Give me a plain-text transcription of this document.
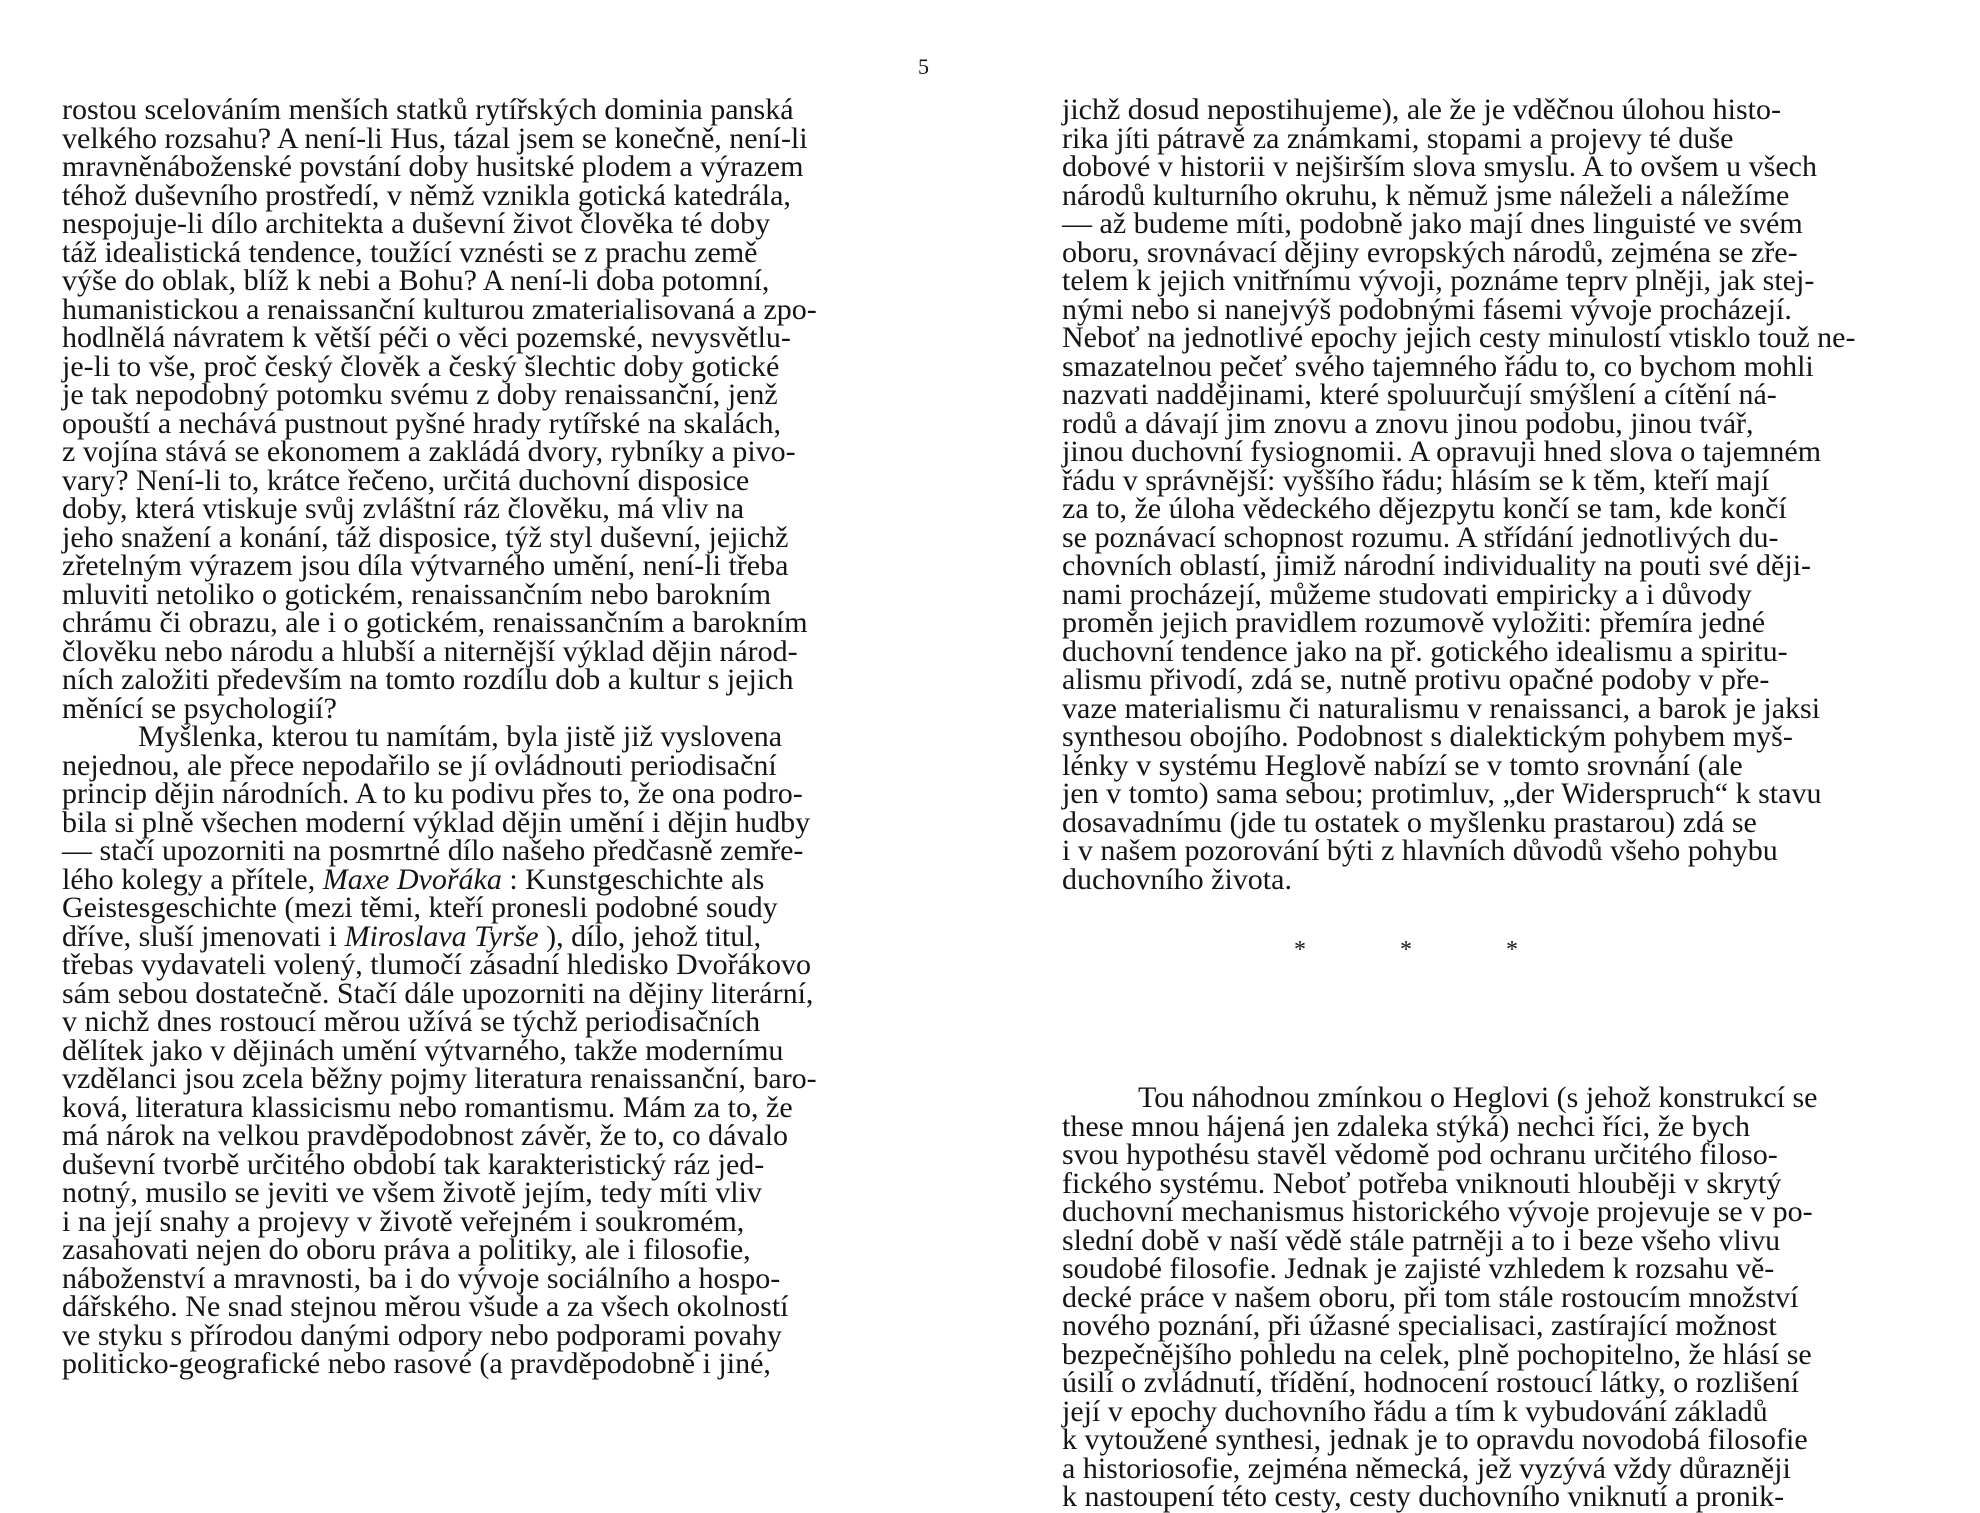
5
rostou scelováním menších statků rytířských dominia panská
velkého rozsahu? A není-li Hus, tázal jsem se konečně, není-li
mravněnáboženské povstání doby husitské plodem a výrazem
téhož duševního prostředí, v němž vznikla gotická katedrála,
nespojuje-li dílo architekta a duševní život člověka té doby
táž idealistická tendence, toužící vznésti se z prachu země
výše do oblak, blíž k nebi a Bohu? A není-li doba potomní,
humanistickou a renaissanční kulturou zmaterialisovaná a zpo-
hodlnělá návratem k větší péči o věci pozemské, nevysvětlu-
je-li to vše, proč český člověk a český šlechtic doby gotické
je tak nepodobný potomku svému z doby renaissanční, jenž
opouští a nechává pustnout pyšné hrady rytířské na skalách,
z vojína stává se ekonomem a zakládá dvory, rybníky a pivo-
vary? Není-li to, krátce řečeno, určitá duchovní disposice
doby, která vtiskuje svůj zvláštní ráz člověku, má vliv na
jeho snažení a konání, táž disposice, týž styl duševní, jejichž
zřetelným výrazem jsou díla výtvarného umění, není-li třeba
mluviti netoliko o gotickém, renaissančním nebo barokním
chrámu či obrazu, ale i o gotickém, renaissančním a barokním
člověku nebo národu a hlubší a niternější výklad dějin národ-
ních založiti především na tomto rozdílu dob a kultur s jejich
měnící se psychologií?
Myšlenka, kterou tu namítám, byla jistě již vyslovena
nejednou, ale přece nepodařilo se jí ovládnouti periodisační
princip dějin národních. A to ku podivu přes to, že ona podro-
bila si plně všechen moderní výklad dějin umění i dějin hudby
— stačí upozorniti na posmrtné dílo našeho předčasně zemře-
lého kolegy a přítele, Maxe Dvořáka : Kunstgeschichte als
Geistesgeschichte (mezi těmi, kteří pronesli podobné soudy
dříve, sluší jmenovati i Miroslava Tyrše ), dílo, jehož titul,
třebas vydavateli volený, tlumočí zásadní hledisko Dvořákovo
sám sebou dostatečně. Stačí dále upozorniti na dějiny literární,
v nichž dnes rostoucí měrou užívá se týchž periodisačních
dělítek jako v dějinách umění výtvarného, takže modernímu
vzdělanci jsou zcela běžny pojmy literatura renaissanční, baro-
ková, literatura klassicismu nebo romantismu. Mám za to, že
má nárok na velkou pravděpodobnost závěr, že to, co dávalo
duševní tvorbě určitého období tak karakteristický ráz jed-
notný, musilo se jeviti ve všem životě jejím, tedy míti vliv
i na její snahy a projevy v životě veřejném i soukromém,
zasahovati nejen do oboru práva a politiky, ale i filosofie,
náboženství a mravnosti, ba i do vývoje sociálního a hospo-
dářského. Ne snad stejnou měrou všude a za všech okolností
ve styku s přírodou danými odpory nebo podporami povahy
politicko-geografické nebo rasové (a pravděpodobně i jiné,
jichž dosud nepostihujeme), ale že je vděčnou úlohou histo-
rika jíti pátravě za známkami, stopami a projevy té duše
dobové v historii v nejširším slova smyslu. A to ovšem u všech
národů kulturního okruhu, k němuž jsme náleželi a náležíme
— až budeme míti, podobně jako mají dnes linguisté ve svém
oboru, srovnávací dějiny evropských národů, zejména se zře-
telem k jejich vnitřnímu vývoji, poznáme teprv plněji, jak stej-
nými nebo si nanejvýš podobnými fásemi vývoje procházejí.
Neboť na jednotlivé epochy jejich cesty minulostí vtisklo touž ne-
smazatelnou pečeť svého tajemného řádu to, co bychom mohli
nazvati naddějinami, které spoluurčují smýšlení a cítění ná-
rodů a dávají jim znovu a znovu jinou podobu, jinou tvář,
jinou duchovní fysiognomii. A opravuji hned slova o tajemném
řádu v správnější: vyššího řádu; hlásím se k těm, kteří mají
za to, že úloha vědeckého dějezpytu končí se tam, kde končí
se poznávací schopnost rozumu. A střídání jednotlivých du-
chovních oblastí, jimiž národní individuality na pouti své ději-
nami procházejí, můžeme studovati empiricky a i důvody
proměn jejich pravidlem rozumově vyložiti: přemíra jedné
duchovní tendence jako na př. gotického idealismu a spiritu-
alismu přivodí, zdá se, nutně protivu opačné podoby v pře-
vaze materialismu či naturalismu v renaissanci, a barok je jaksi
synthesou obojího. Podobnost s dialektickým pohybem myš-
lénky v systému Heglově nabízí se v tomto srovnání (ale
jen v tomto) sama sebou; protimluv, „der Widerspruch“ k stavu
dosavadnímu (jde tu ostatek o myšlenku prastarou) zdá se
i v našem pozorování býti z hlavních důvodů všeho pohybu
duchovního života.
*	*	*
Tou náhodnou zmínkou o Heglovi (s jehož konstrukcí se
these mnou hájená jen zdaleka stýká) nechci říci, že bych
svou hypothésu stavěl vědomě pod ochranu určitého filoso-
fického systému. Neboť potřeba vniknouti hlouběji v skrytý
duchovní mechanismus historického vývoje projevuje se v po-
slední době v naší vědě stále patrněji a to i beze všeho vlivu
soudobé filosofie. Jednak je zajisté vzhledem k rozsahu vě-
decké práce v našem oboru, při tom stále rostoucím množství
nového poznání, při úžasné specialisaci, zastírající možnost
bezpečnějšího pohledu na celek, plně pochopitelno, že hlásí se
úsilí o zvládnutí, třídění, hodnocení rostoucí látky, o rozlišení
její v epochy duchovního řádu a tím k vybudování základů
k vytoužené synthesi, jednak je to opravdu novodobá filosofie
a historiosofie, zejména německá, jež vyzývá vždy důrazněji
k nastoupení této cesty, cesty duchovního vniknutí a pronik-
